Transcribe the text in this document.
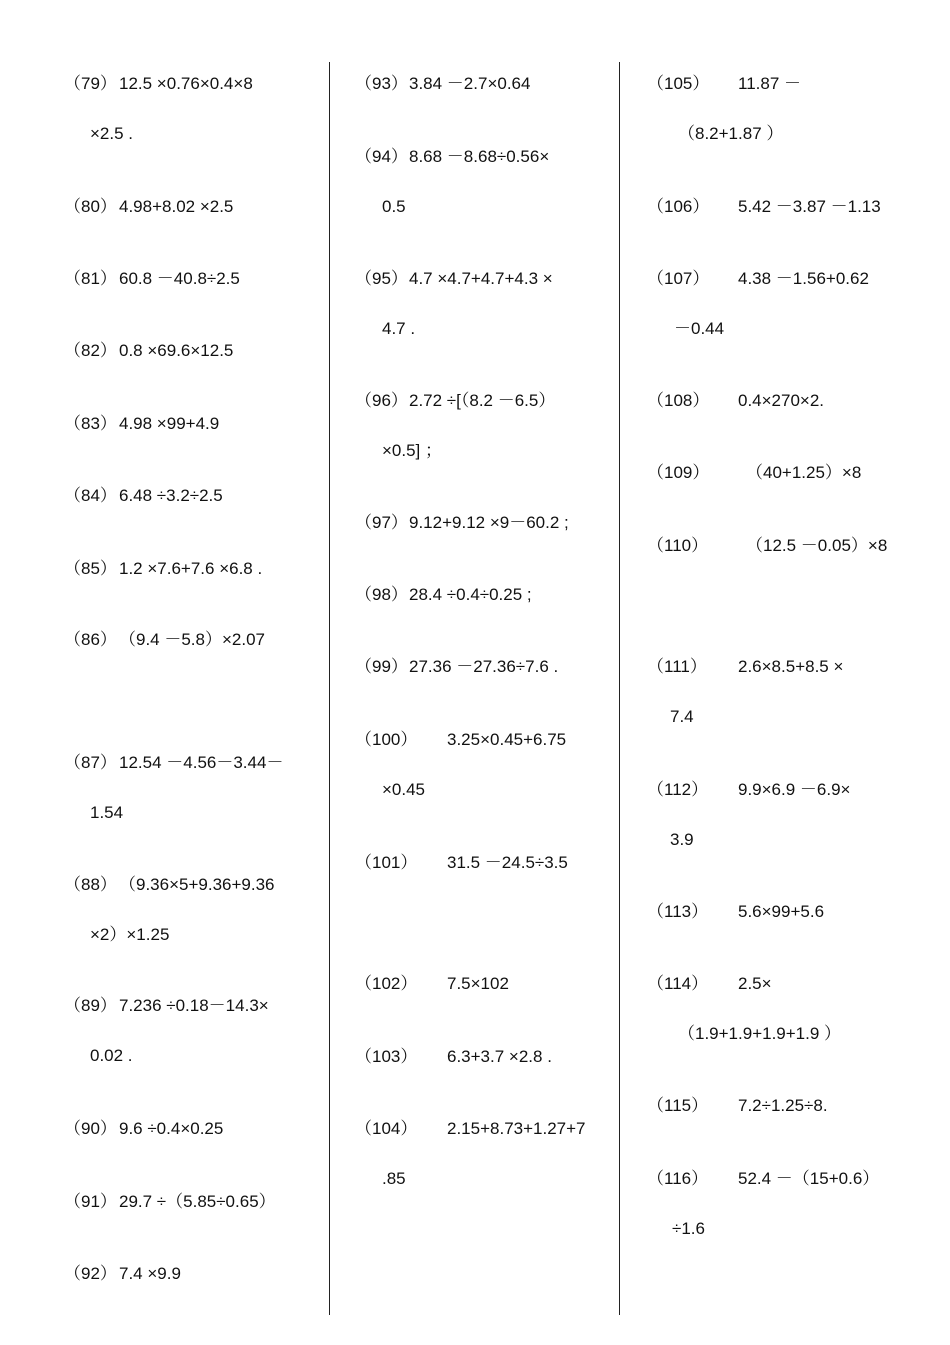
（79） 12.5 ×0.76×0.4×8
×2.5 .
（80） 4.98+8.02 ×2.5
（81） 60.8 －40.8÷2.5
（82） 0.8 ×69.6×12.5
（83） 4.98 ×99+4.9
（84） 6.48 ÷3.2÷2.5
（85） 1.2 ×7.6+7.6 ×6.8 .
（86） （9.4 －5.8）×2.07
（87） 12.54 －4.56－3.44－
1.54
（88） （9.36×5+9.36+9.36
×2）×1.25
（89） 7.236 ÷0.18－14.3×
0.02 .
（90） 9.6 ÷0.4×0.25
（91） 29.7 ÷（5.85÷0.65）
（92） 7.4 ×9.9
（93） 3.84 －2.7×0.64
（94） 8.68 －8.68÷0.56×
0.5
（95） 4.7 ×4.7+4.7+4.3 ×
4.7 .
（96） 2.72 ÷[（8.2 －6.5）
×0.5] ；
（97） 9.12+9.12 ×9－60.2 ;
（98） 28.4 ÷0.4÷0.25 ;
（99） 27.36 －27.36÷7.6 .
（100） 3.25×0.45+6.75
×0.45
（101） 31.5 －24.5÷3.5
（102） 7.5×102
（103） 6.3+3.7 ×2.8 .
（104） 2.15+8.73+1.27+7
.85
（105） 11.87 －
（8.2+1.87 ）
（106） 5.42 －3.87 －1.13
（107） 4.38 －1.56+0.62
－0.44
（108） 0.4×270×2.
（109） （40+1.25）×8
（110） （12.5 －0.05）×8
（111） 2.6×8.5+8.5 ×
7.4
（112） 9.9×6.9 －6.9×
3.9
（113） 5.6×99+5.6
（114） 2.5×
（1.9+1.9+1.9+1.9 ）
（115） 7.2÷1.25÷8.
（116） 52.4 －（15+0.6）
÷1.6
